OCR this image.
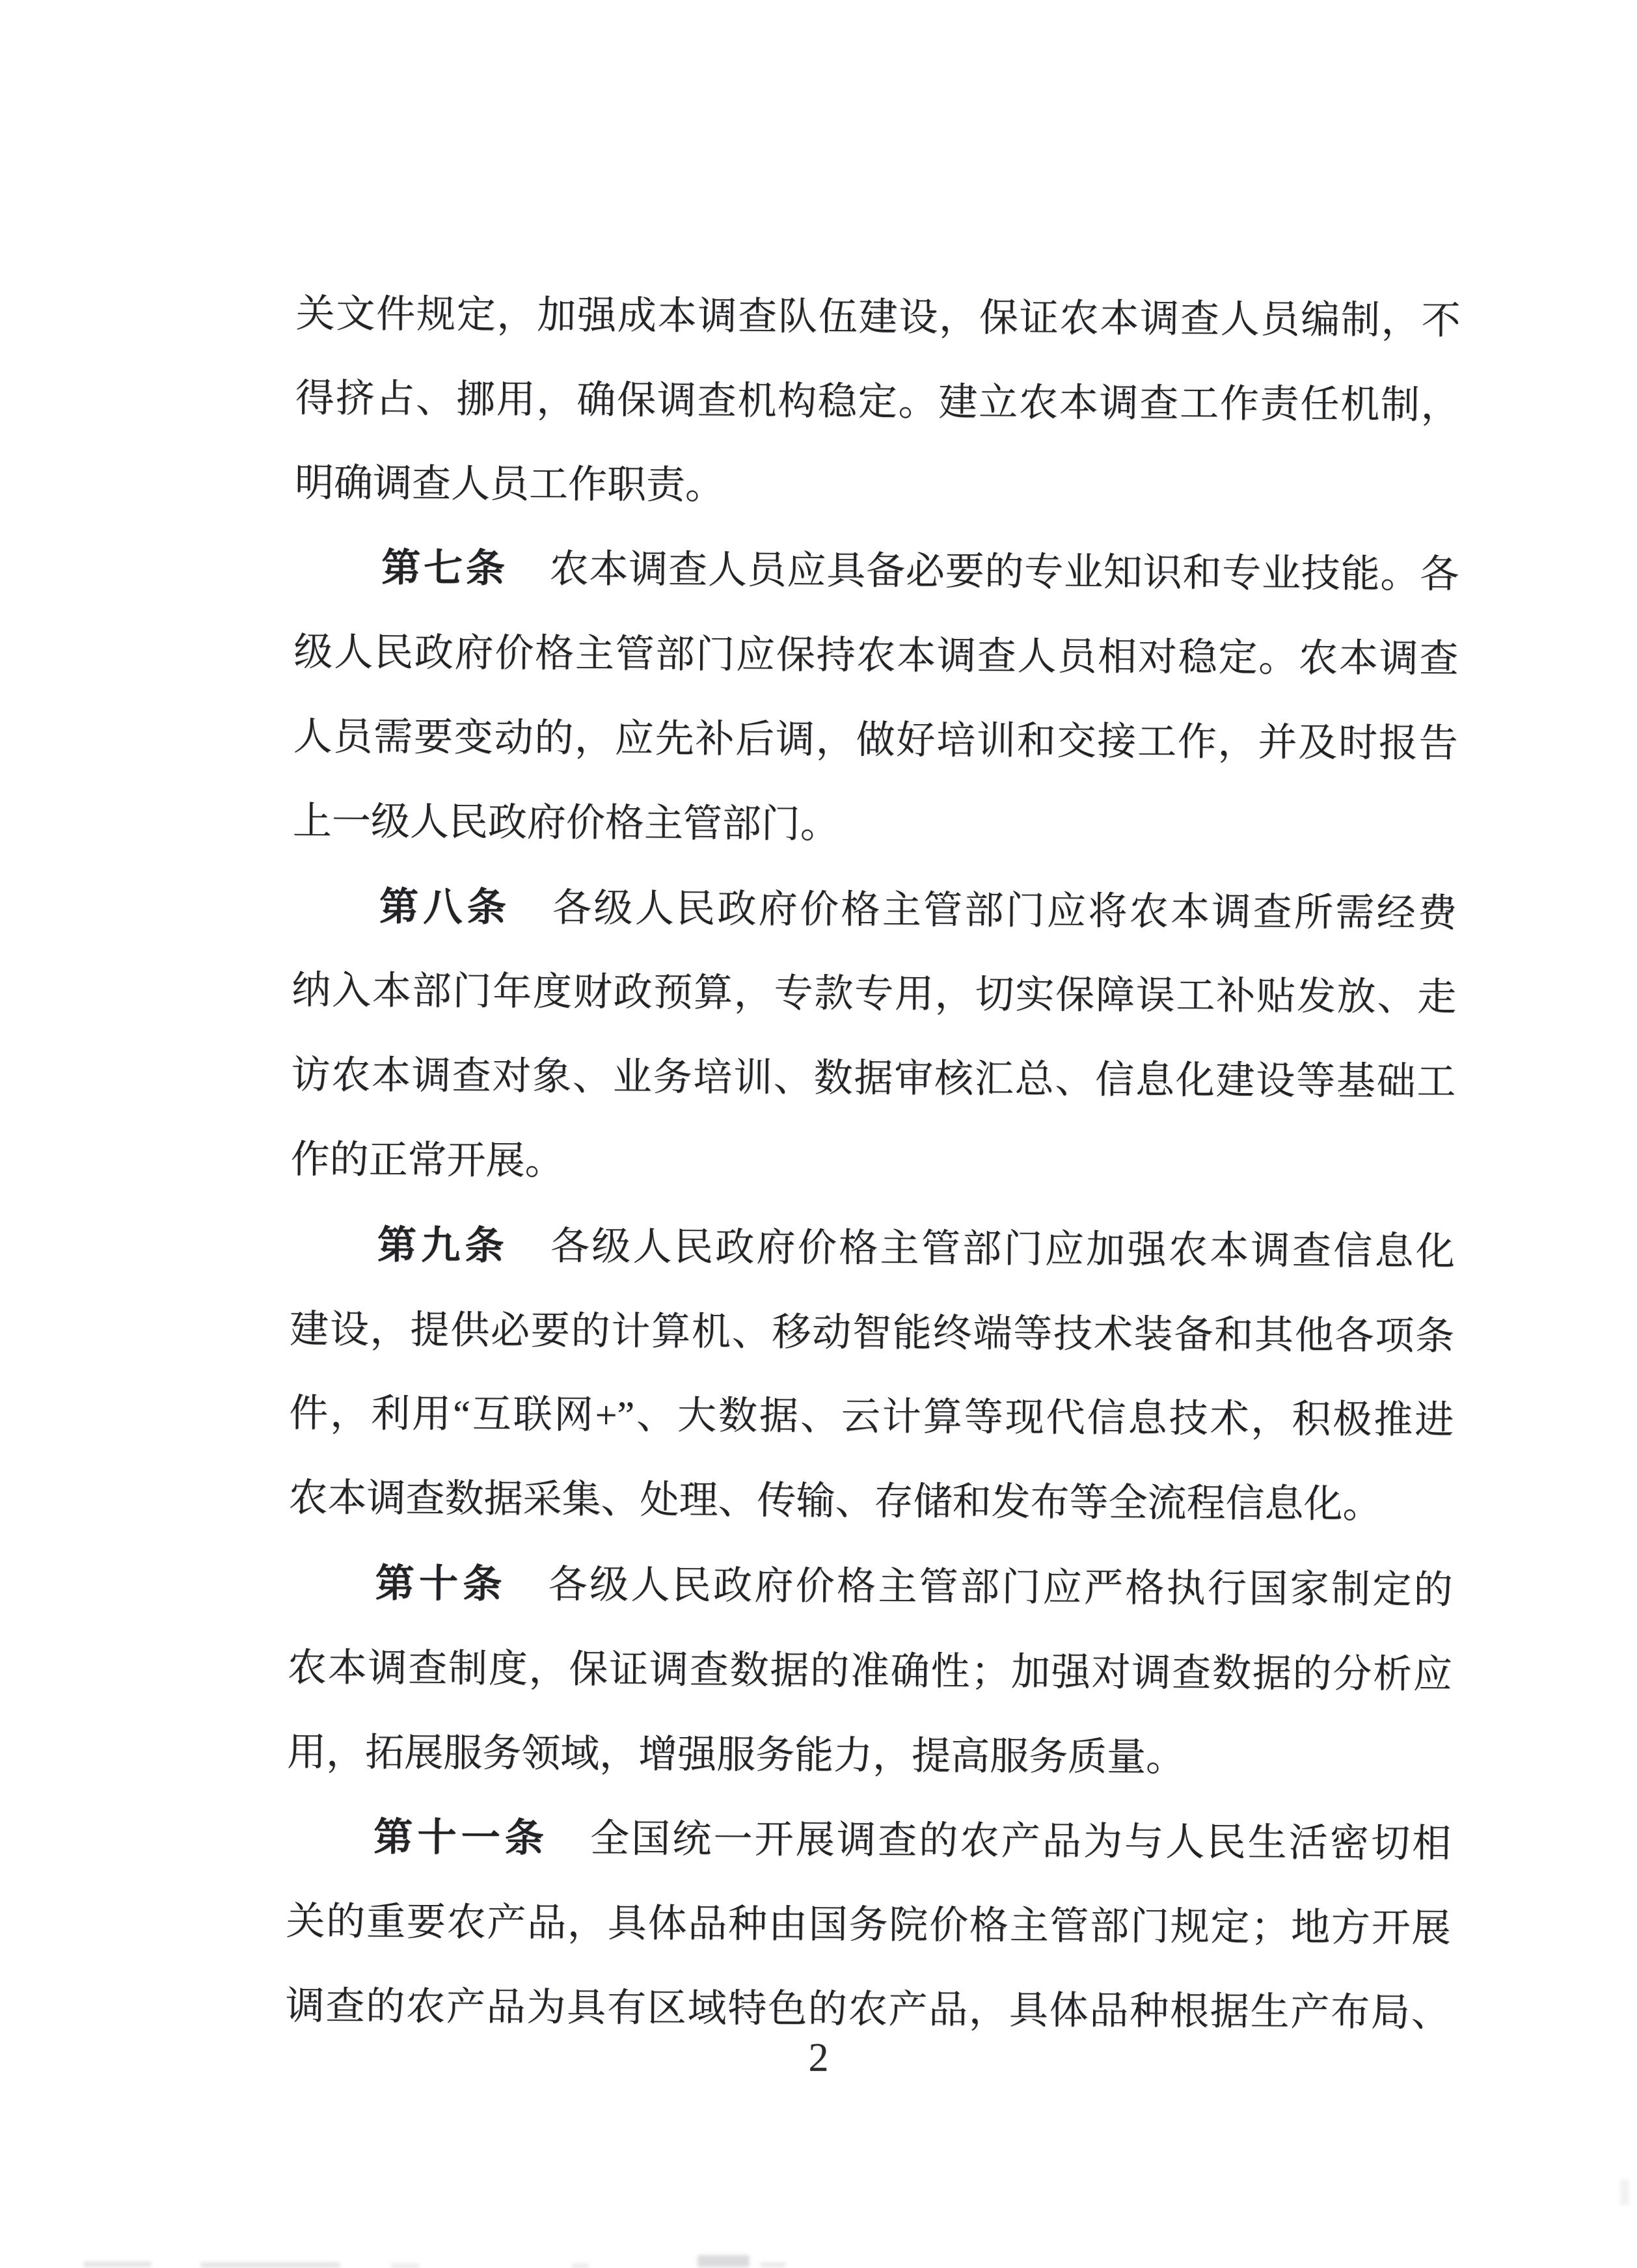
关文件规定，加强成本调查队伍建设，保证农本调查人员编制，不
得挤占、挪用，确保调查机构稳定。建立农本调查工作责任机制，
明确调查人员工作职责。
第七条 农本调查人员应具备必要的专业知识和专业技能。各
级人民政府价格主管部门应保持农本调查人员相对稳定。农本调查
人员需要变动的，应先补后调，做好培训和交接工作，并及时报告
上一级人民政府价格主管部门。
第八条 各级人民政府价格主管部门应将农本调查所需经费
纳入本部门年度财政预算，专款专用，切实保障误工补贴发放、走
访农本调查对象、业务培训、数据审核汇总、信息化建设等基础工
作的正常开展。
第九条 各级人民政府价格主管部门应加强农本调查信息化
建设，提供必要的计算机、移动智能终端等技术装备和其他各项条
件，利用“互联网+”、大数据、云计算等现代信息技术，积极推进
农本调查数据采集、处理、传输、存储和发布等全流程信息化。
第十条 各级人民政府价格主管部门应严格执行国家制定的
农本调查制度，保证调查数据的准确性；加强对调查数据的分析应
用，拓展服务领域，增强服务能力，提高服务质量。
第十一条 全国统一开展调查的农产品为与人民生活密切相
关的重要农产品，具体品种由国务院价格主管部门规定；地方开展
调查的农产品为具有区域特色的农产品，具体品种根据生产布局、
2
